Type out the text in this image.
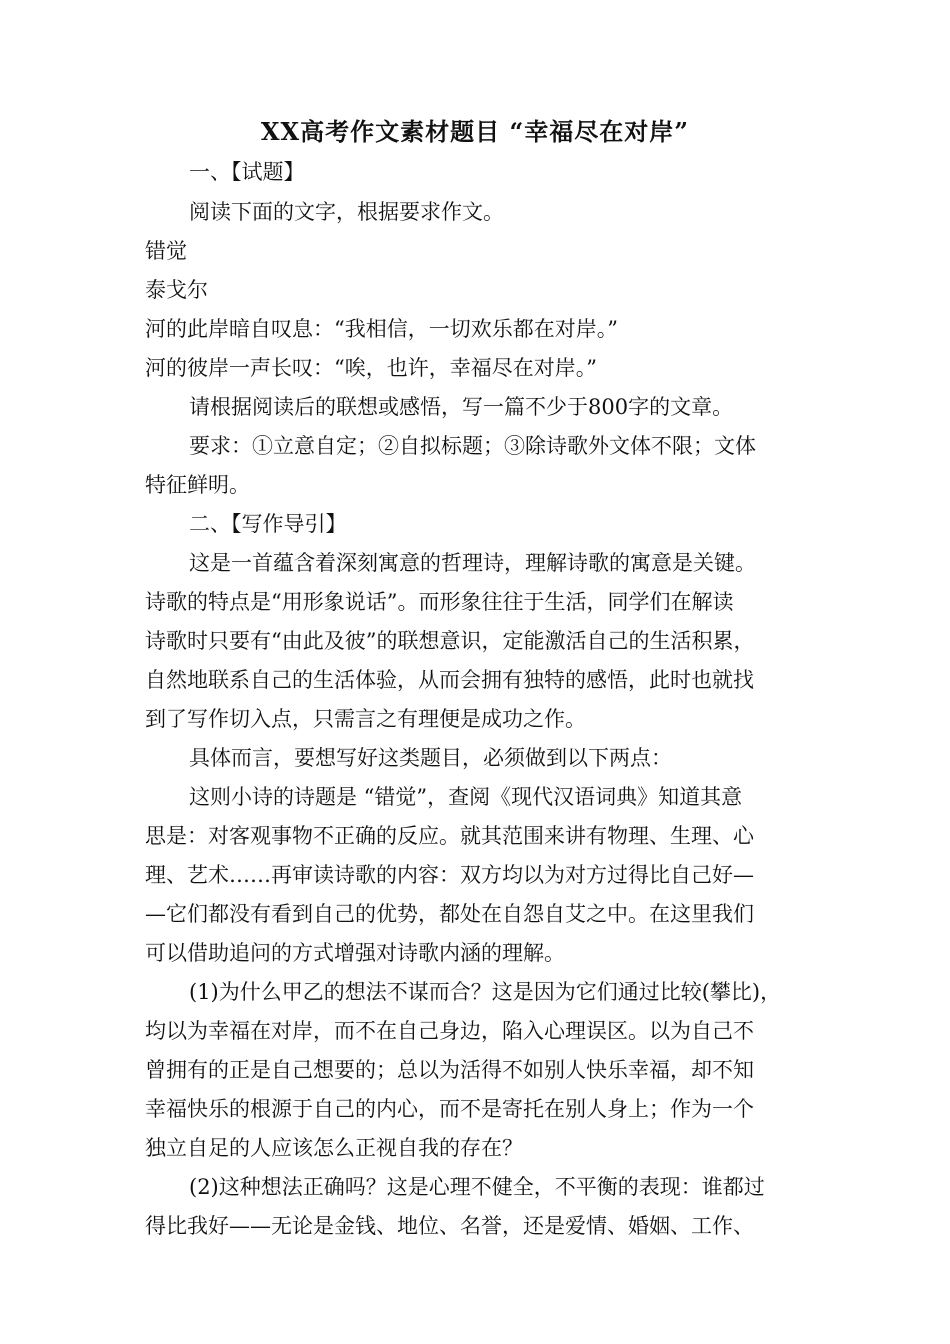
XX高考作文素材题目 “幸福尽在对岸”
一、【试题】
阅读下面的文字，根据要求作文。
错觉
泰戈尔
河的此岸暗自叹息：“我相信，一切欢乐都在对岸。”
河的彼岸一声长叹：“唉，也许，幸福尽在对岸。”
请根据阅读后的联想或感悟，写一篇不少于800字的文章。
要求：①立意自定；②自拟标题；③除诗歌外文体不限；文体
特征鲜明。
二、【写作导引】
这是一首蕴含着深刻寓意的哲理诗，理解诗歌的寓意是关键。
诗歌的特点是“用形象说话”。而形象往往于生活，同学们在解读
诗歌时只要有“由此及彼”的联想意识，定能激活自己的生活积累，
自然地联系自己的生活体验，从而会拥有独特的感悟，此时也就找
到了写作切入点，只需言之有理便是成功之作。
具体而言，要想写好这类题目，必须做到以下两点：
这则小诗的诗题是 “错觉”，查阅《现代汉语词典》知道其意
思是：对客观事物不正确的反应。就其范围来讲有物理、生理、心
理、艺术……再审读诗歌的内容：双方均以为对方过得比自己好—
—它们都没有看到自己的优势，都处在自怨自艾之中。在这里我们
可以借助追问的方式增强对诗歌内涵的理解。
(1)为什么甲乙的想法不谋而合？这是因为它们通过比较(攀比)，
均以为幸福在对岸，而不在自己身边，陷入心理误区。以为自己不
曾拥有的正是自己想要的；总以为活得不如别人快乐幸福，却不知
幸福快乐的根源于自己的内心，而不是寄托在别人身上；作为一个
独立自足的人应该怎么正视自我的存在？
(2)这种想法正确吗？这是心理不健全，不平衡的表现：谁都过
得比我好——无论是金钱、地位、名誉，还是爱情、婚姻、工作、
